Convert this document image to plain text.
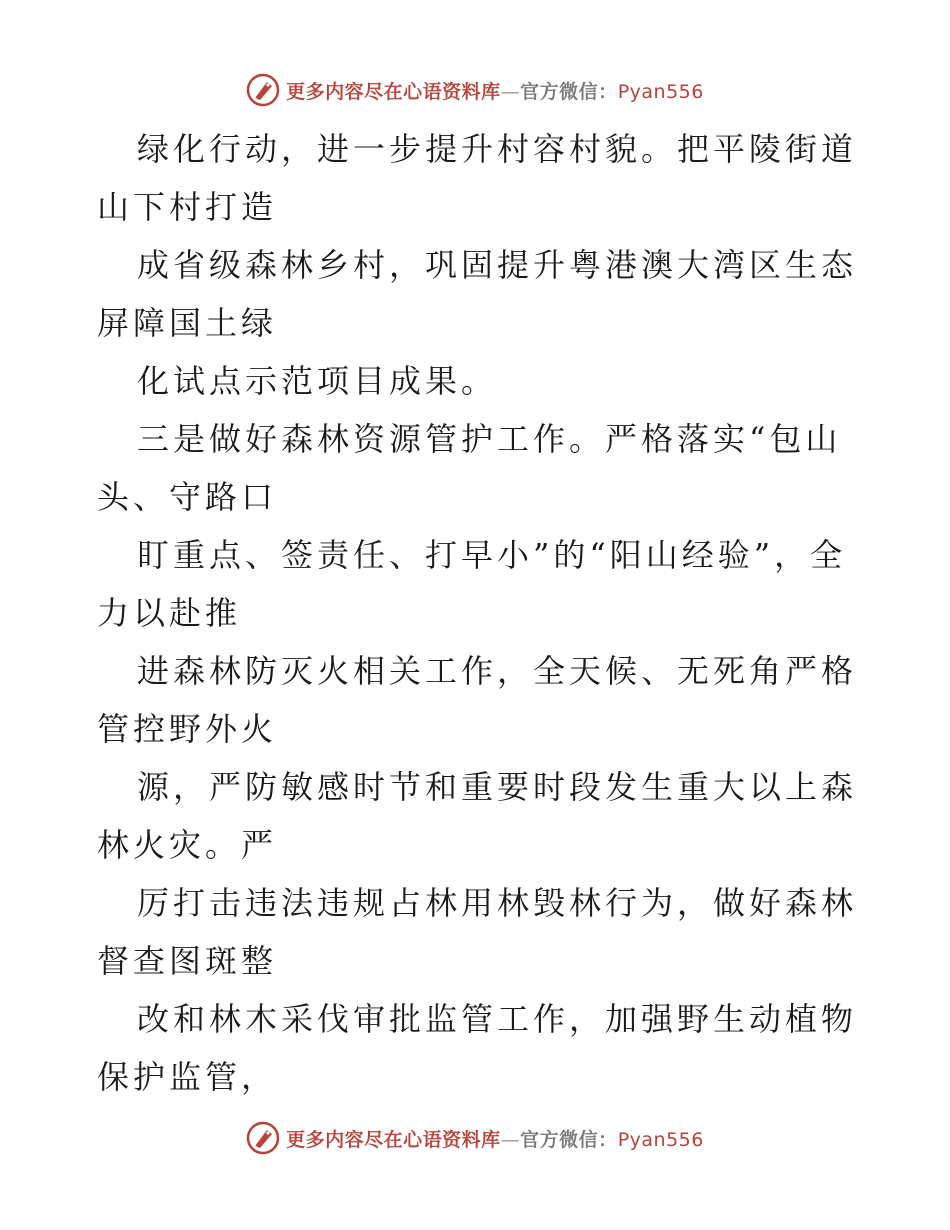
更多内容尽在心语资料库—官方微信：Pyan556

绿化行动，进一步提升村容村貌。把平陵街道山下村打造

成省级森林乡村，巩固提升粤港澳大湾区生态屏障国土绿

化试点示范项目成果。

三是做好森林资源管护工作。严格落实“包山头、守路口

盯重点、签责任、打早小”的“阳山经验”，全力以赴推

进森林防灭火相关工作，全天候、无死角严格管控野外火

源，严防敏感时节和重要时段发生重大以上森林火灾。严

厉打击违法违规占林用林毁林行为，做好森林督查图斑整

改和林木采伐审批监管工作，加强野生动植物保护监管，

更多内容尽在心语资料库—官方微信：Pyan556
